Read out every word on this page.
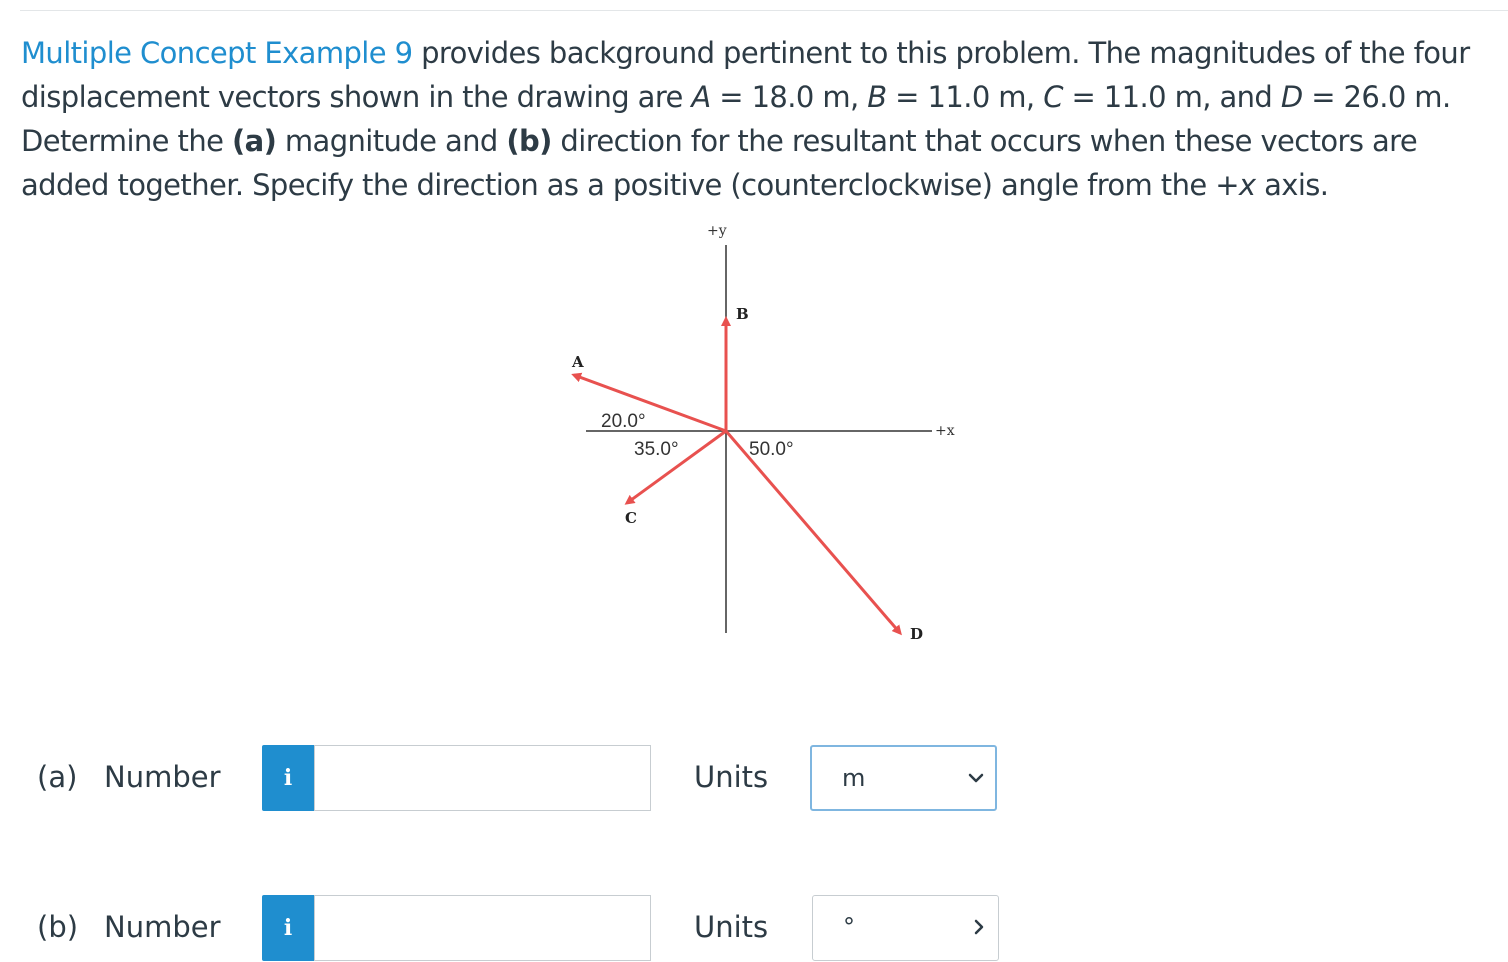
Multiple Concept Example 9 provides background pertinent to this problem. The magnitudes of the four displacement vectors shown in the drawing are A = 18.0 m, B = 11.0 m, C = 11.0 m, and D = 26.0 m. Determine the (a) magnitude and (b) direction for the resultant that occurs when these vectors are added together. Specify the direction as a positive (counterclockwise) angle from the +x axis.
+y
+x
B
A
C
D
20.0°
35.0°	50.0°
(a) Number	i	Units	m
(b) Number	i	Units	°
